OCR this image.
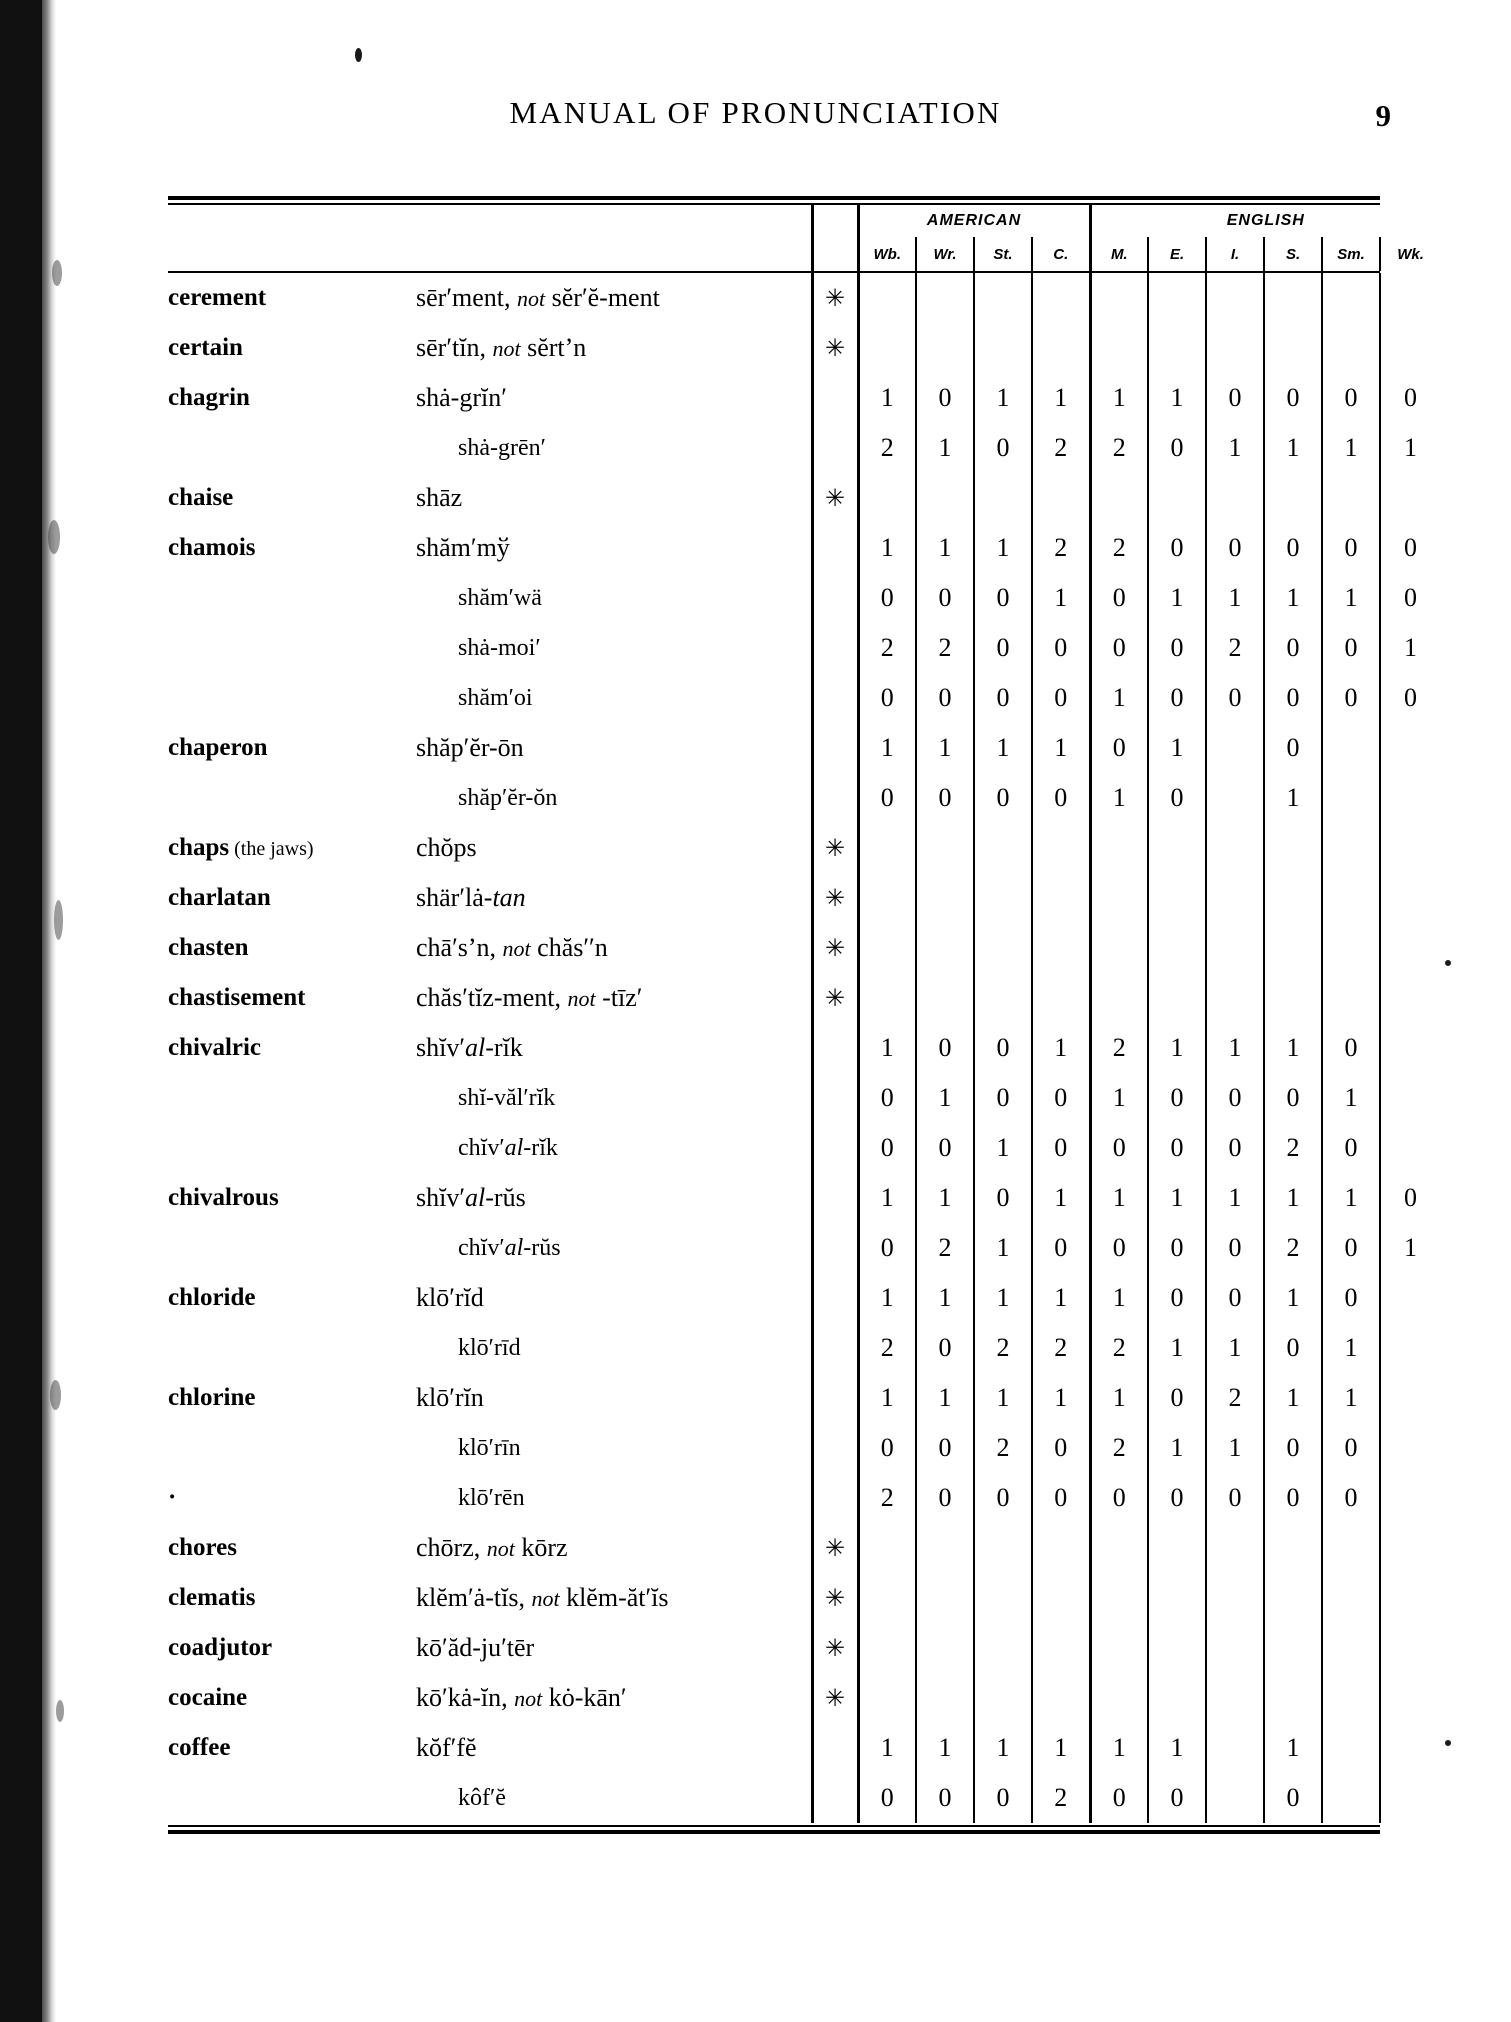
MANUAL OF PRONUNCIATION	9
			AMERICAN				ENGLISH					
			Wb.	Wr.	St.	C.	M.	E.	I.	S.	Sm.	Wk.
cerement	sēr′ment, not sĕr′ĕ-ment	✳										
certain	sēr′tĭn, not sĕrt’n	✳										
chagrin	shȧ-grĭn′		1	0	1	1	1	1	0	0	0	0
	shȧ-grēn′		2	1	0	2	2	0	1	1	1	1
chaise	shāz	✳										
chamois	shăm′mў		1	1	1	2	2	0	0	0	0	0
	shăm′wä		0	0	0	1	0	1	1	1	1	0
	shȧ-moi′		2	2	0	0	0	0	2	0	0	1
	shăm′oi		0	0	0	0	1	0	0	0	0	0
chaperon	shăp′ĕr-ōn		1	1	1	1	0	1		0		
	shăp′ĕr-ŏn		0	0	0	0	1	0		1		
chaps (the jaws)	chŏps	✳										
charlatan	shär′lȧ-tan	✳										
chasten	chā′s’n, not chăs′′n	✳										
chastisement	chăs′tĭz-ment, not -tīz′	✳										
chivalric	shĭv′al-rĭk		1	0	0	1	2	1	1	1	0	
	shĭ-văl′rĭk		0	1	0	0	1	0	0	0	1	
	chĭv′al-rĭk		0	0	1	0	0	0	0	2	0	
chivalrous	shĭv′al-rŭs		1	1	0	1	1	1	1	1	1	0
	chĭv′al-rŭs		0	2	1	0	0	0	0	2	0	1
chloride	klō′rĭd		1	1	1	1	1	0	0	1	0	
	klō′rīd		2	0	2	2	2	1	1	0	1	
chlorine	klō′rĭn		1	1	1	1	1	0	2	1	1	
	klō′rīn		0	0	2	0	2	1	1	0	0	
·	klō′rēn		2	0	0	0	0	0	0	0	0	
chores	chōrz, not kōrz	✳										
clematis	klĕm′ȧ-tĭs, not klĕm-ăt′ĭs	✳										
coadjutor	kō′ăd-ju′tēr	✳										
cocaine	kō′kȧ-ĭn, not kȯ-kān′	✳										
coffee	kŏf′fĕ		1	1	1	1	1	1		1		
	kôf′ĕ		0	0	0	2	0	0		0		
